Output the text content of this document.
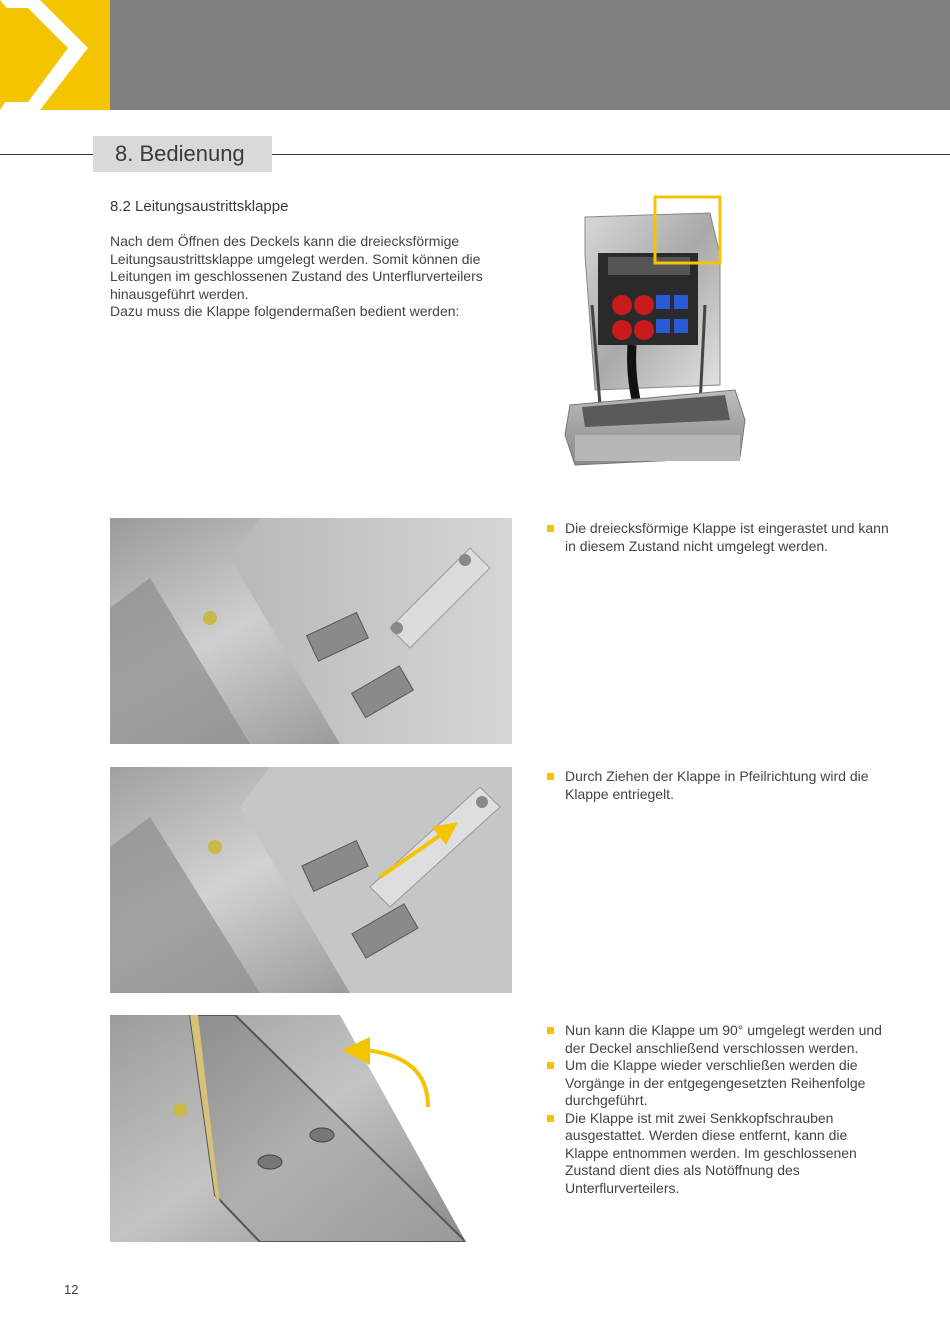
8. Bedienung
8.2 Leitungsaustrittsklappe

Nach dem Öffnen des Deckels kann die dreiecksförmige

Leitungsaustrittsklappe umgelegt werden. Somit können die

Leitungen im geschlossenen Zustand des Unterflurverteilers

hinausgeführt werden.

Dazu muss die Klappe folgendermaßen bedient werden:

Die dreiecksförmige Klappe ist eingerastet und kann in diesem Zustand nicht umgelegt werden.
Durch Ziehen der Klappe in Pfeilrichtung wird die Klappe entriegelt.
Nun kann die Klappe um 90° umgelegt werden und der Deckel anschließend verschlossen werden.
Um die Klappe wieder verschließen werden die Vorgänge in der entgegengesetzten Reihenfolge durchgeführt.
Die Klappe ist mit zwei Senkkopfschrauben ausgestattet. Werden diese entfernt, kann die Klappe entnommen werden. Im geschlossenen Zustand dient dies als Notöffnung des Unterflurverteilers.
12
